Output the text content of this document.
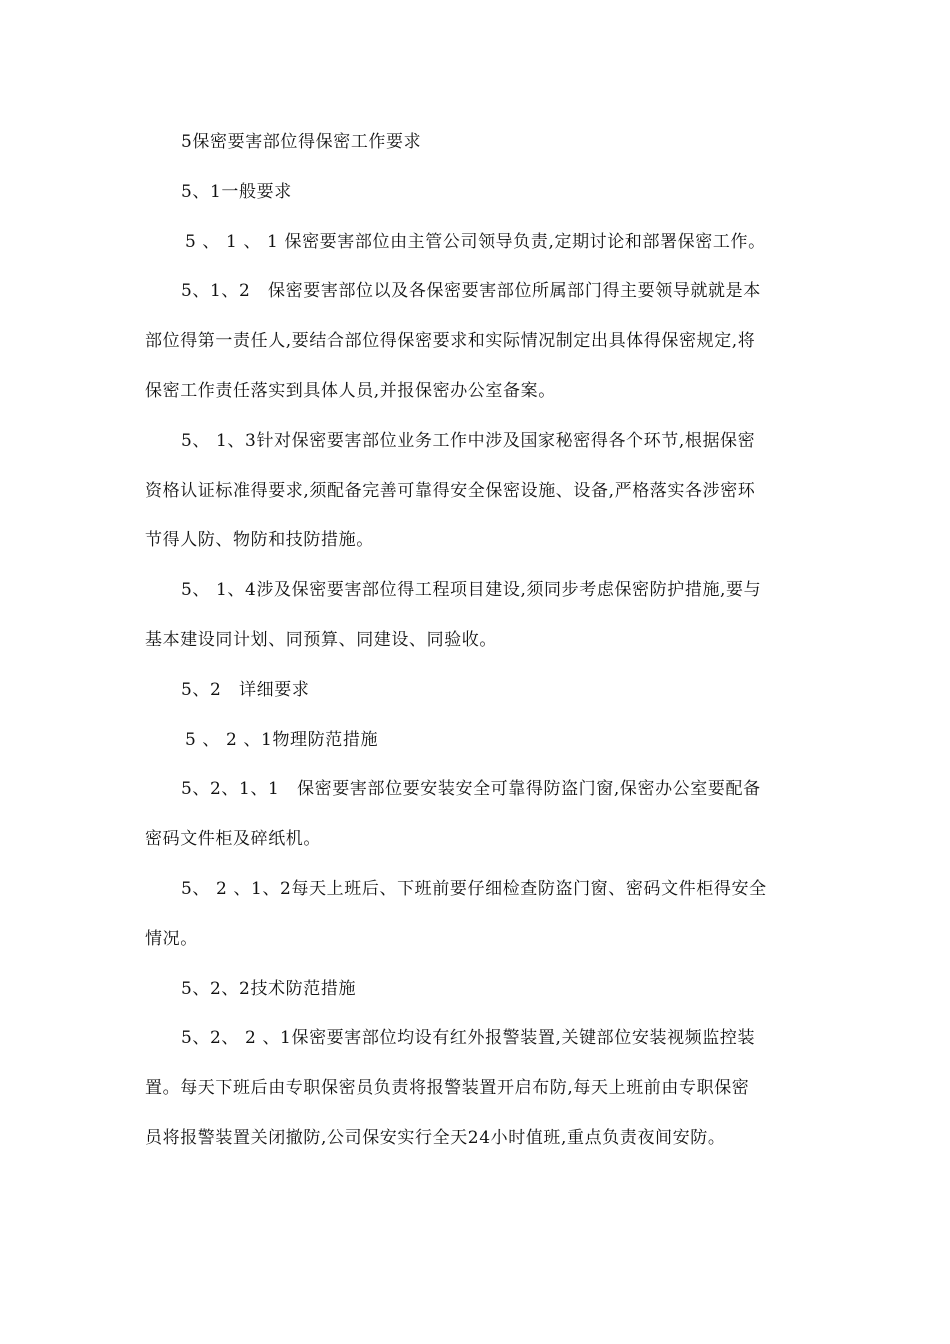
5保密要害部位得保密工作要求
5、1一般要求
5 、 1 、 1 保密要害部位由主管公司领导负责,定期讨论和部署保密工作。
5、1、2　保密要害部位以及各保密要害部位所属部门得主要领导就就是本
部位得第一责任人,要结合部位得保密要求和实际情况制定出具体得保密规定,将
保密工作责任落实到具体人员,并报保密办公室备案。
5、 1、3针对保密要害部位业务工作中涉及国家秘密得各个环节,根据保密
资格认证标准得要求,须配备完善可靠得安全保密设施、设备,严格落实各涉密环
节得人防、物防和技防措施。
5、 1、4涉及保密要害部位得工程项目建设,须同步考虑保密防护措施,要与
基本建设同计划、同预算、同建设、同验收。
5、2　详细要求
5 、 2 、1物理防范措施
5、2、1、1　保密要害部位要安装安全可靠得防盗门窗,保密办公室要配备
密码文件柜及碎纸机。
5、 2 、1、2每天上班后、下班前要仔细检查防盗门窗、密码文件柜得安全
情况。
5、2、2技术防范措施
5、2、 2 、1保密要害部位均设有红外报警装置,关键部位安装视频监控装
置。每天下班后由专职保密员负责将报警装置开启布防,每天上班前由专职保密
员将报警装置关闭撤防,公司保安实行全天24小时值班,重点负责夜间安防。
